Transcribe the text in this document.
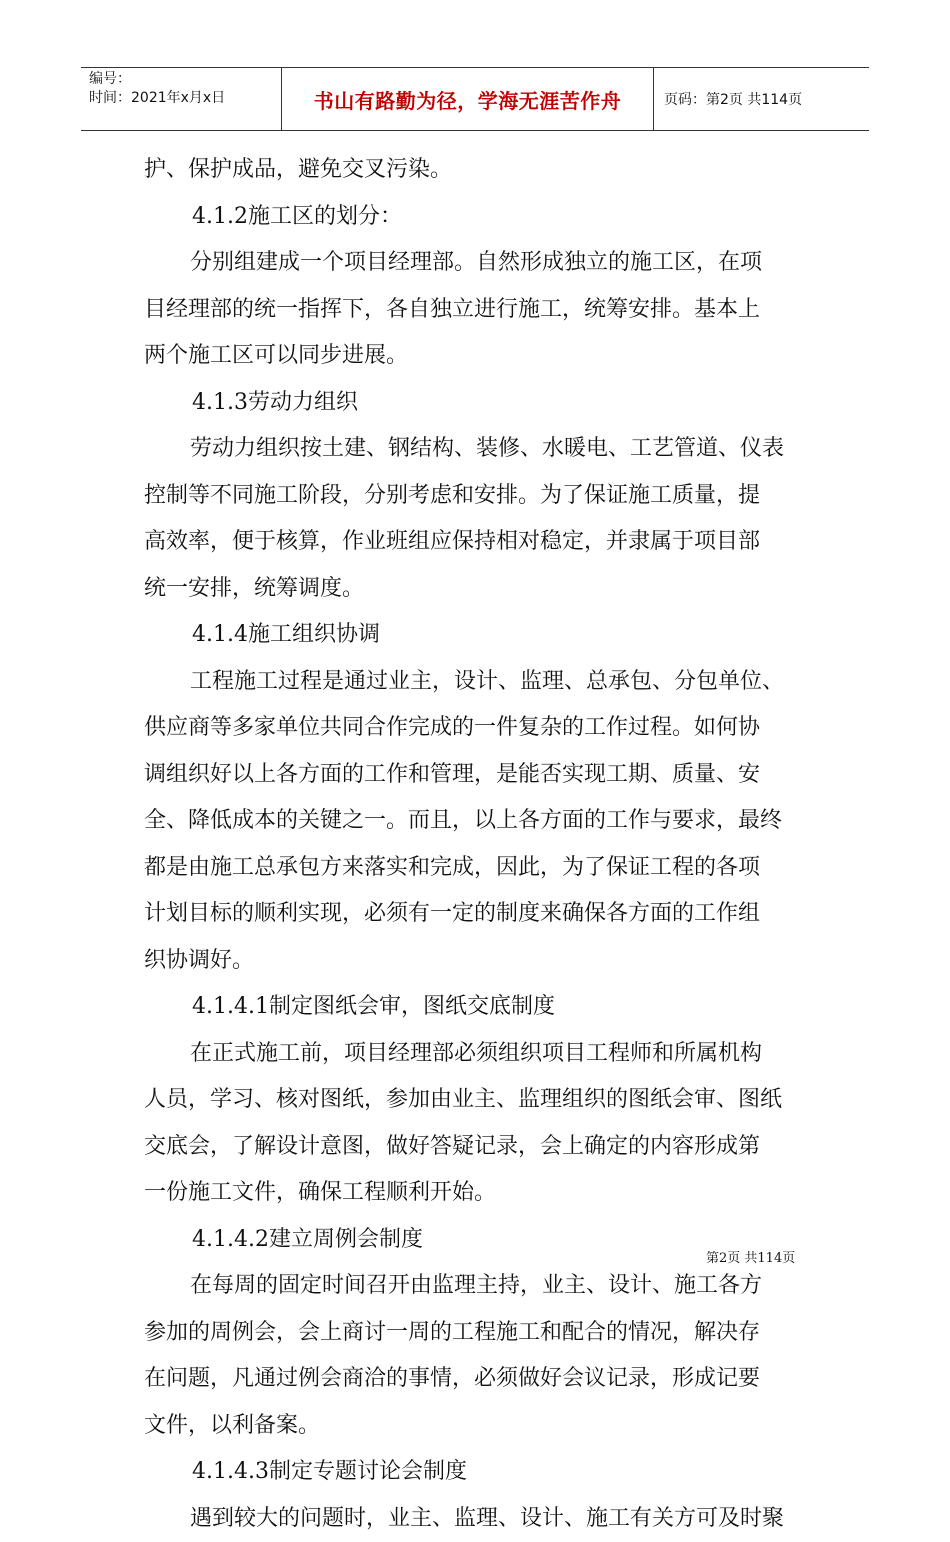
编号：
时间：2021年x月x日	书山有路勤为径，学海无涯苦作舟	页码：第2页 共114页
护、保护成品，避免交叉污染。
4.1.2施工区的划分：
分别组建成一个项目经理部。自然形成独立的施工区，在项
目经理部的统一指挥下，各自独立进行施工，统筹安排。基本上
两个施工区可以同步进展。
4.1.3劳动力组织
劳动力组织按土建、钢结构、装修、水暖电、工艺管道、仪表
控制等不同施工阶段，分别考虑和安排。为了保证施工质量，提
高效率，便于核算，作业班组应保持相对稳定，并隶属于项目部
统一安排，统筹调度。
4.1.4施工组织协调
工程施工过程是通过业主，设计、监理、总承包、分包单位、
供应商等多家单位共同合作完成的一件复杂的工作过程。如何协
调组织好以上各方面的工作和管理，是能否实现工期、质量、安
全、降低成本的关键之一。而且，以上各方面的工作与要求，最终
都是由施工总承包方来落实和完成，因此，为了保证工程的各项
计划目标的顺利实现，必须有一定的制度来确保各方面的工作组
织协调好。
4.1.4.1制定图纸会审，图纸交底制度
在正式施工前，项目经理部必须组织项目工程师和所属机构
人员，学习、核对图纸，参加由业主、监理组织的图纸会审、图纸
交底会，了解设计意图，做好答疑记录，会上确定的内容形成第
一份施工文件，确保工程顺利开始。
4.1.4.2建立周例会制度
在每周的固定时间召开由监理主持，业主、设计、施工各方
参加的周例会，会上商讨一周的工程施工和配合的情况，解决存
在问题，凡通过例会商洽的事情，必须做好会议记录，形成记要
文件，以利备案。
4.1.4.3制定专题讨论会制度
遇到较大的问题时，业主、监理、设计、施工有关方可及时聚
第2页 共114页
